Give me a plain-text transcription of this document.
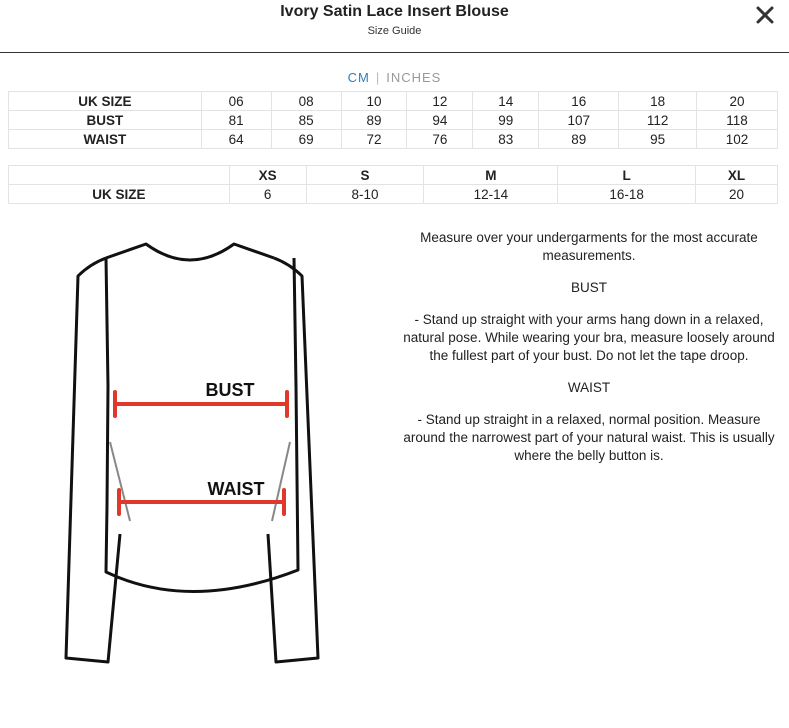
Ivory Satin Lace Insert Blouse
Size Guide
CM | INCHES
UK SIZE	06	08	10	12	14	16	18	20
BUST	81	85	89	94	99	107	112	118
WAIST	64	69	72	76	83	89	95	102
	XS	S	M	L	XL
UK SIZE	6	8-10	12-14	16-18	20
BUST
WAIST

Measure over your undergarments for the most accurate measurements.

BUST

- Stand up straight with your arms hang down in a relaxed, natural pose. While wearing your bra, measure loosely around the fullest part of your bust. Do not let the tape droop.

WAIST

- Stand up straight in a relaxed, normal position. Measure around the narrowest part of your natural waist. This is usually where the belly button is.
